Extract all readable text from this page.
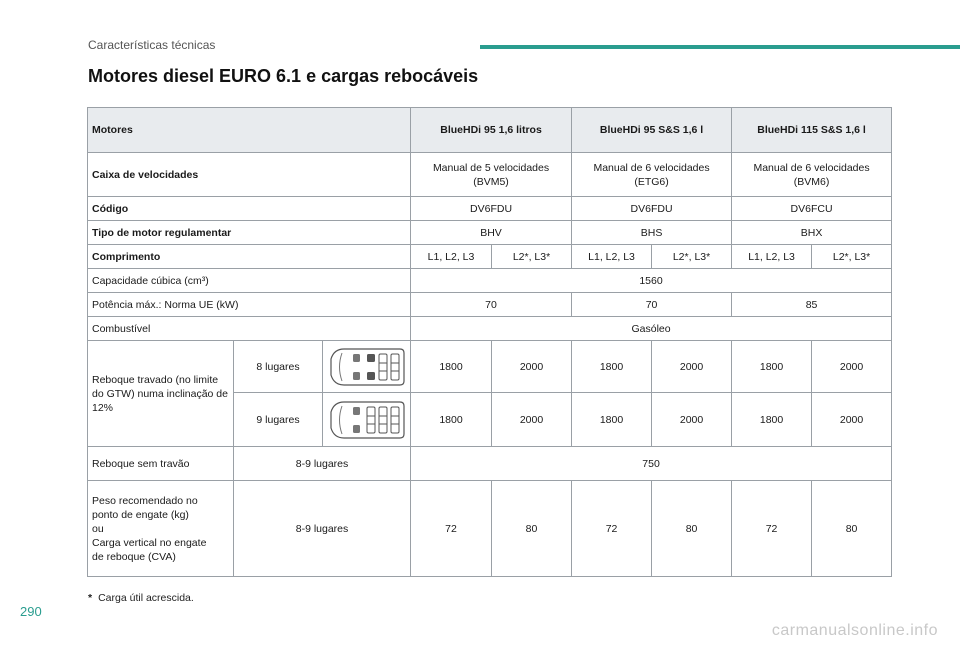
Características técnicas
Motores diesel EURO 6.1 e cargas rebocáveis
Motores			BlueHDi 95 1,6 litros		BlueHDi 95 S&S 1,6 l		BlueHDi 115 S&S 1,6 l	
Caixa de velocidades			Manual de 5 velocidades (BVM5)		Manual de 6 velocidades (ETG6)		Manual de 6 velocidades (BVM6)	
Código			DV6FDU		DV6FDU		DV6FCU	
Tipo de motor regulamentar			BHV		BHS		BHX	
Comprimento			L1, L2, L3	L2*, L3*	L1, L2, L3	L2*, L3*	L1, L2, L3	L2*, L3*
Capacidade cúbica (cm³)			1560					
Potência máx.: Norma UE (kW)			70		70		85	
Combustível			Gasóleo					
Reboque travado (no limite do GTW) numa inclinação de 12%	8 lugares		1800	2000	1800	2000	1800	2000
	9 lugares		1800	2000	1800	2000	1800	2000
Reboque sem travão	8-9 lugares		750					

Peso recomendado no
ponto de engate (kg)
ou
Carga vertical no engate
de reboque (CVA)	8-9 lugares		72	80	72	80	72	80
* Carga útil acrescida.
290
carmanualsonline.info
